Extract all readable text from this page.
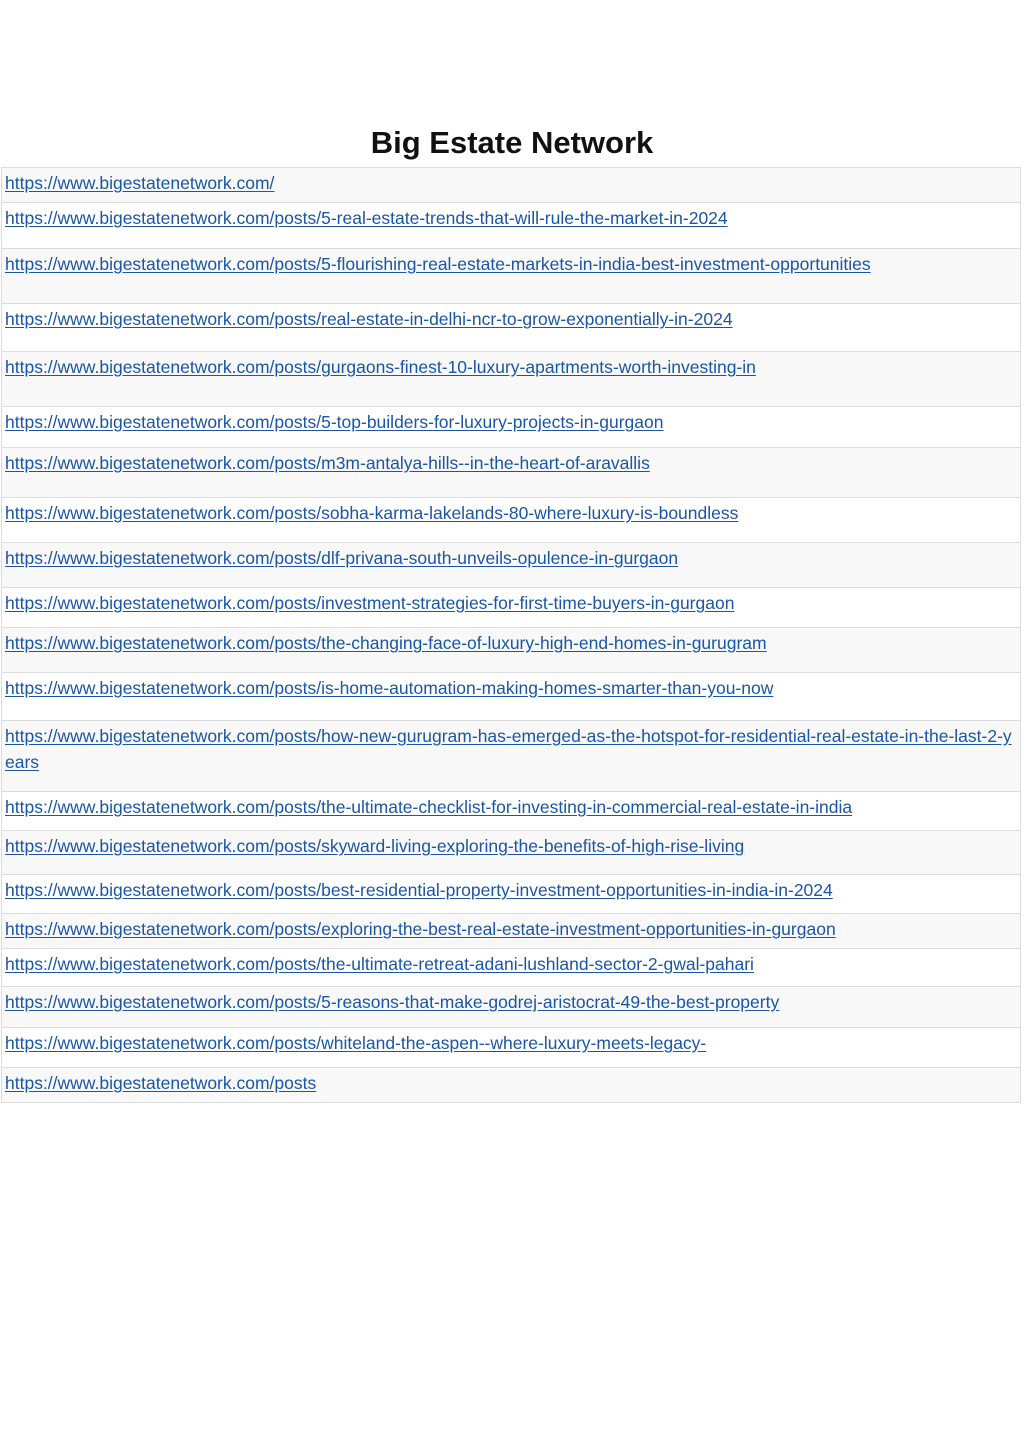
Big Estate Network
https://www.bigestatenetwork.com/
https://www.bigestatenetwork.com/posts/5-real-estate-trends-that-will-rule-the-market-in-2024
https://www.bigestatenetwork.com/posts/5-flourishing-real-estate-markets-in-india-best-investment-opportunities
https://www.bigestatenetwork.com/posts/real-estate-in-delhi-ncr-to-grow-exponentially-in-2024
https://www.bigestatenetwork.com/posts/gurgaons-finest-10-luxury-apartments-worth-investing-in
https://www.bigestatenetwork.com/posts/5-top-builders-for-luxury-projects-in-gurgaon
https://www.bigestatenetwork.com/posts/m3m-antalya-hills--in-the-heart-of-aravallis
https://www.bigestatenetwork.com/posts/sobha-karma-lakelands-80-where-luxury-is-boundless
https://www.bigestatenetwork.com/posts/dlf-privana-south-unveils-opulence-in-gurgaon
https://www.bigestatenetwork.com/posts/investment-strategies-for-first-time-buyers-in-gurgaon
https://www.bigestatenetwork.com/posts/the-changing-face-of-luxury-high-end-homes-in-gurugram
https://www.bigestatenetwork.com/posts/is-home-automation-making-homes-smarter-than-you-now
https://www.bigestatenetwork.com/posts/how-new-gurugram-has-emerged-as-the-hotspot-for-residential-real-estate-in-the-last-2-years
https://www.bigestatenetwork.com/posts/the-ultimate-checklist-for-investing-in-commercial-real-estate-in-india
https://www.bigestatenetwork.com/posts/skyward-living-exploring-the-benefits-of-high-rise-living
https://www.bigestatenetwork.com/posts/best-residential-property-investment-opportunities-in-india-in-2024
https://www.bigestatenetwork.com/posts/exploring-the-best-real-estate-investment-opportunities-in-gurgaon
https://www.bigestatenetwork.com/posts/the-ultimate-retreat-adani-lushland-sector-2-gwal-pahari
https://www.bigestatenetwork.com/posts/5-reasons-that-make-godrej-aristocrat-49-the-best-property
https://www.bigestatenetwork.com/posts/whiteland-the-aspen--where-luxury-meets-legacy-
https://www.bigestatenetwork.com/posts
